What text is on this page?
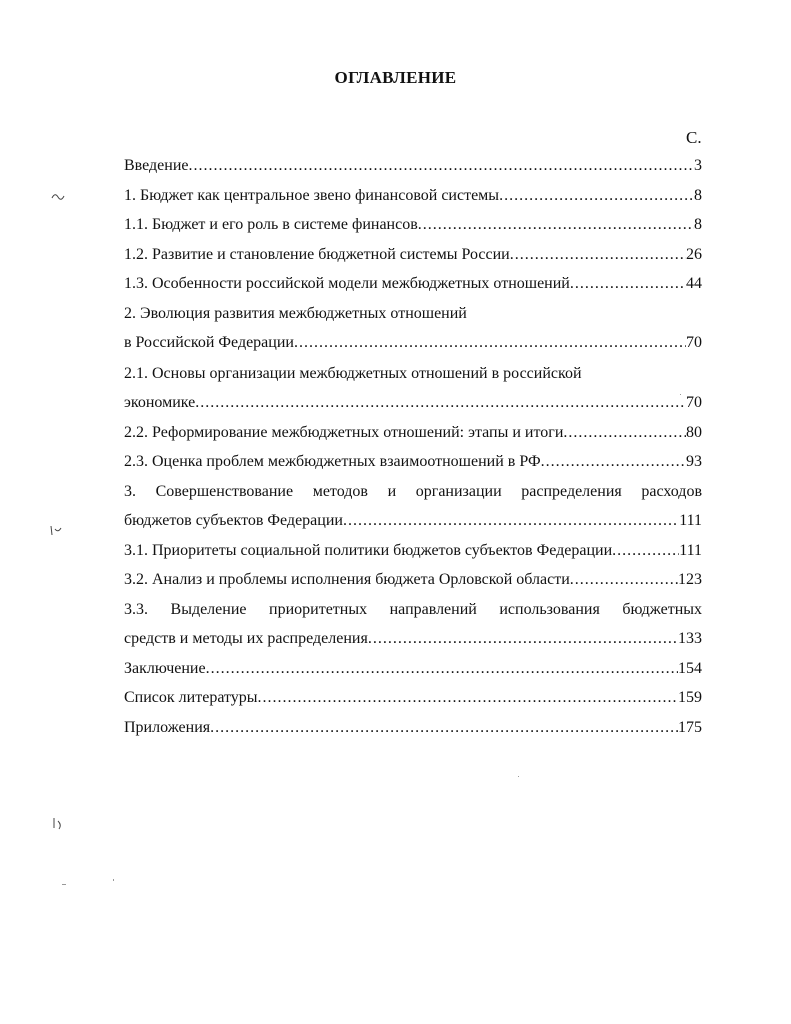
ОГЛАВЛЕНИЕ
С.
Введение .....	3
1. Бюджет как центральное звено финансовой системы .....	8
1.1. Бюджет и его роль в системе финансов .....	8
1.2. Развитие и становление бюджетной системы России .....	26
1.3. Особенности российской модели межбюджетных отношений .....	44
2. Эволюция развития межбюджетных отношений
в Российской Федерации .....	70
2.1. Основы организации межбюджетных отношений в российской
экономике .....	70
2.2. Реформирование межбюджетных отношений: этапы и итоги .....	80
2.3. Оценка проблем межбюджетных взаимоотношений в РФ .....	93
3. Совершенствование методов и организации распределения расходов
бюджетов субъектов Федерации .....	111
3.1. Приоритеты социальной политики бюджетов субъектов Федерации .....	111
3.2. Анализ и проблемы исполнения бюджета Орловской области .....	123
3.3. Выделение приоритетных направлений использования бюджетных
средств и методы их распределения .....	133
Заключение .....	154
Список литературы .....	159
Приложения .....	175
